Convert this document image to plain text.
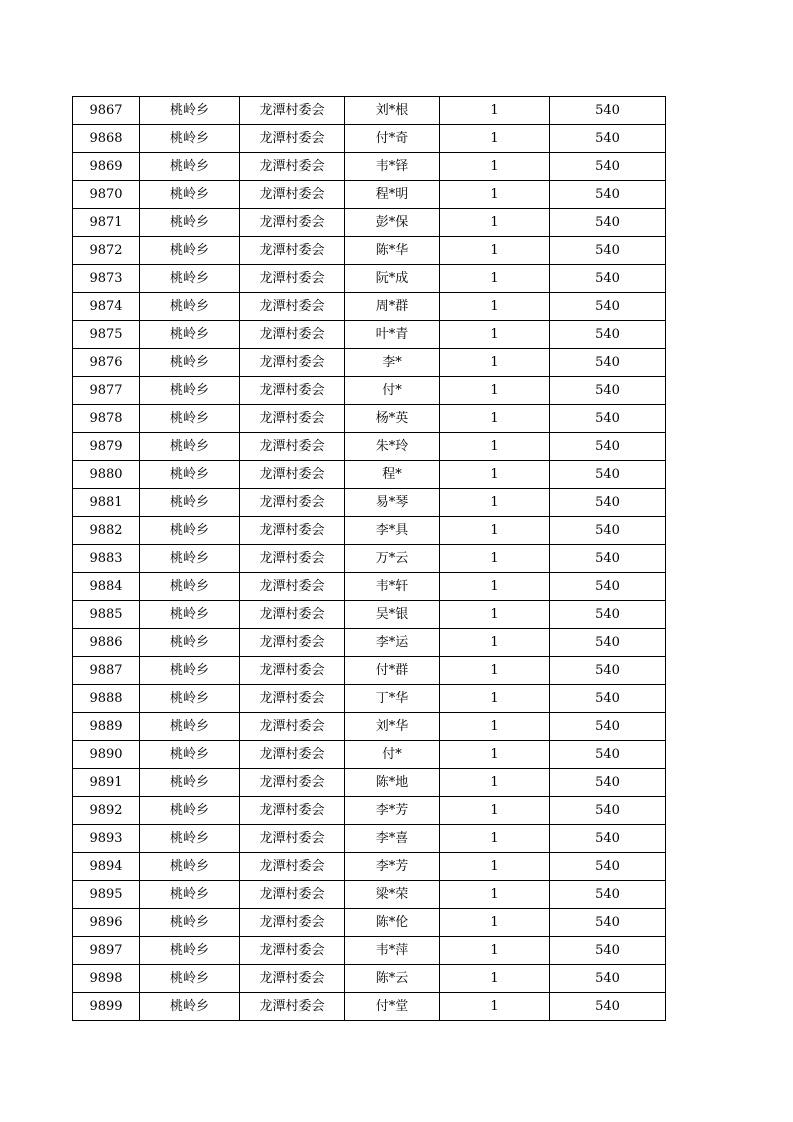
9867	桃岭乡	龙潭村委会	刘*根	1	540
9868	桃岭乡	龙潭村委会	付*奇	1	540
9869	桃岭乡	龙潭村委会	韦*铎	1	540
9870	桃岭乡	龙潭村委会	程*明	1	540
9871	桃岭乡	龙潭村委会	彭*保	1	540
9872	桃岭乡	龙潭村委会	陈*华	1	540
9873	桃岭乡	龙潭村委会	阮*成	1	540
9874	桃岭乡	龙潭村委会	周*群	1	540
9875	桃岭乡	龙潭村委会	叶*青	1	540
9876	桃岭乡	龙潭村委会	李*	1	540
9877	桃岭乡	龙潭村委会	付*	1	540
9878	桃岭乡	龙潭村委会	杨*英	1	540
9879	桃岭乡	龙潭村委会	朱*玲	1	540
9880	桃岭乡	龙潭村委会	程*	1	540
9881	桃岭乡	龙潭村委会	易*琴	1	540
9882	桃岭乡	龙潭村委会	李*具	1	540
9883	桃岭乡	龙潭村委会	万*云	1	540
9884	桃岭乡	龙潭村委会	韦*轩	1	540
9885	桃岭乡	龙潭村委会	吴*银	1	540
9886	桃岭乡	龙潭村委会	李*运	1	540
9887	桃岭乡	龙潭村委会	付*群	1	540
9888	桃岭乡	龙潭村委会	丁*华	1	540
9889	桃岭乡	龙潭村委会	刘*华	1	540
9890	桃岭乡	龙潭村委会	付*	1	540
9891	桃岭乡	龙潭村委会	陈*地	1	540
9892	桃岭乡	龙潭村委会	李*芳	1	540
9893	桃岭乡	龙潭村委会	李*喜	1	540
9894	桃岭乡	龙潭村委会	李*芳	1	540
9895	桃岭乡	龙潭村委会	梁*荣	1	540
9896	桃岭乡	龙潭村委会	陈*伦	1	540
9897	桃岭乡	龙潭村委会	韦*萍	1	540
9898	桃岭乡	龙潭村委会	陈*云	1	540
9899	桃岭乡	龙潭村委会	付*堂	1	540
